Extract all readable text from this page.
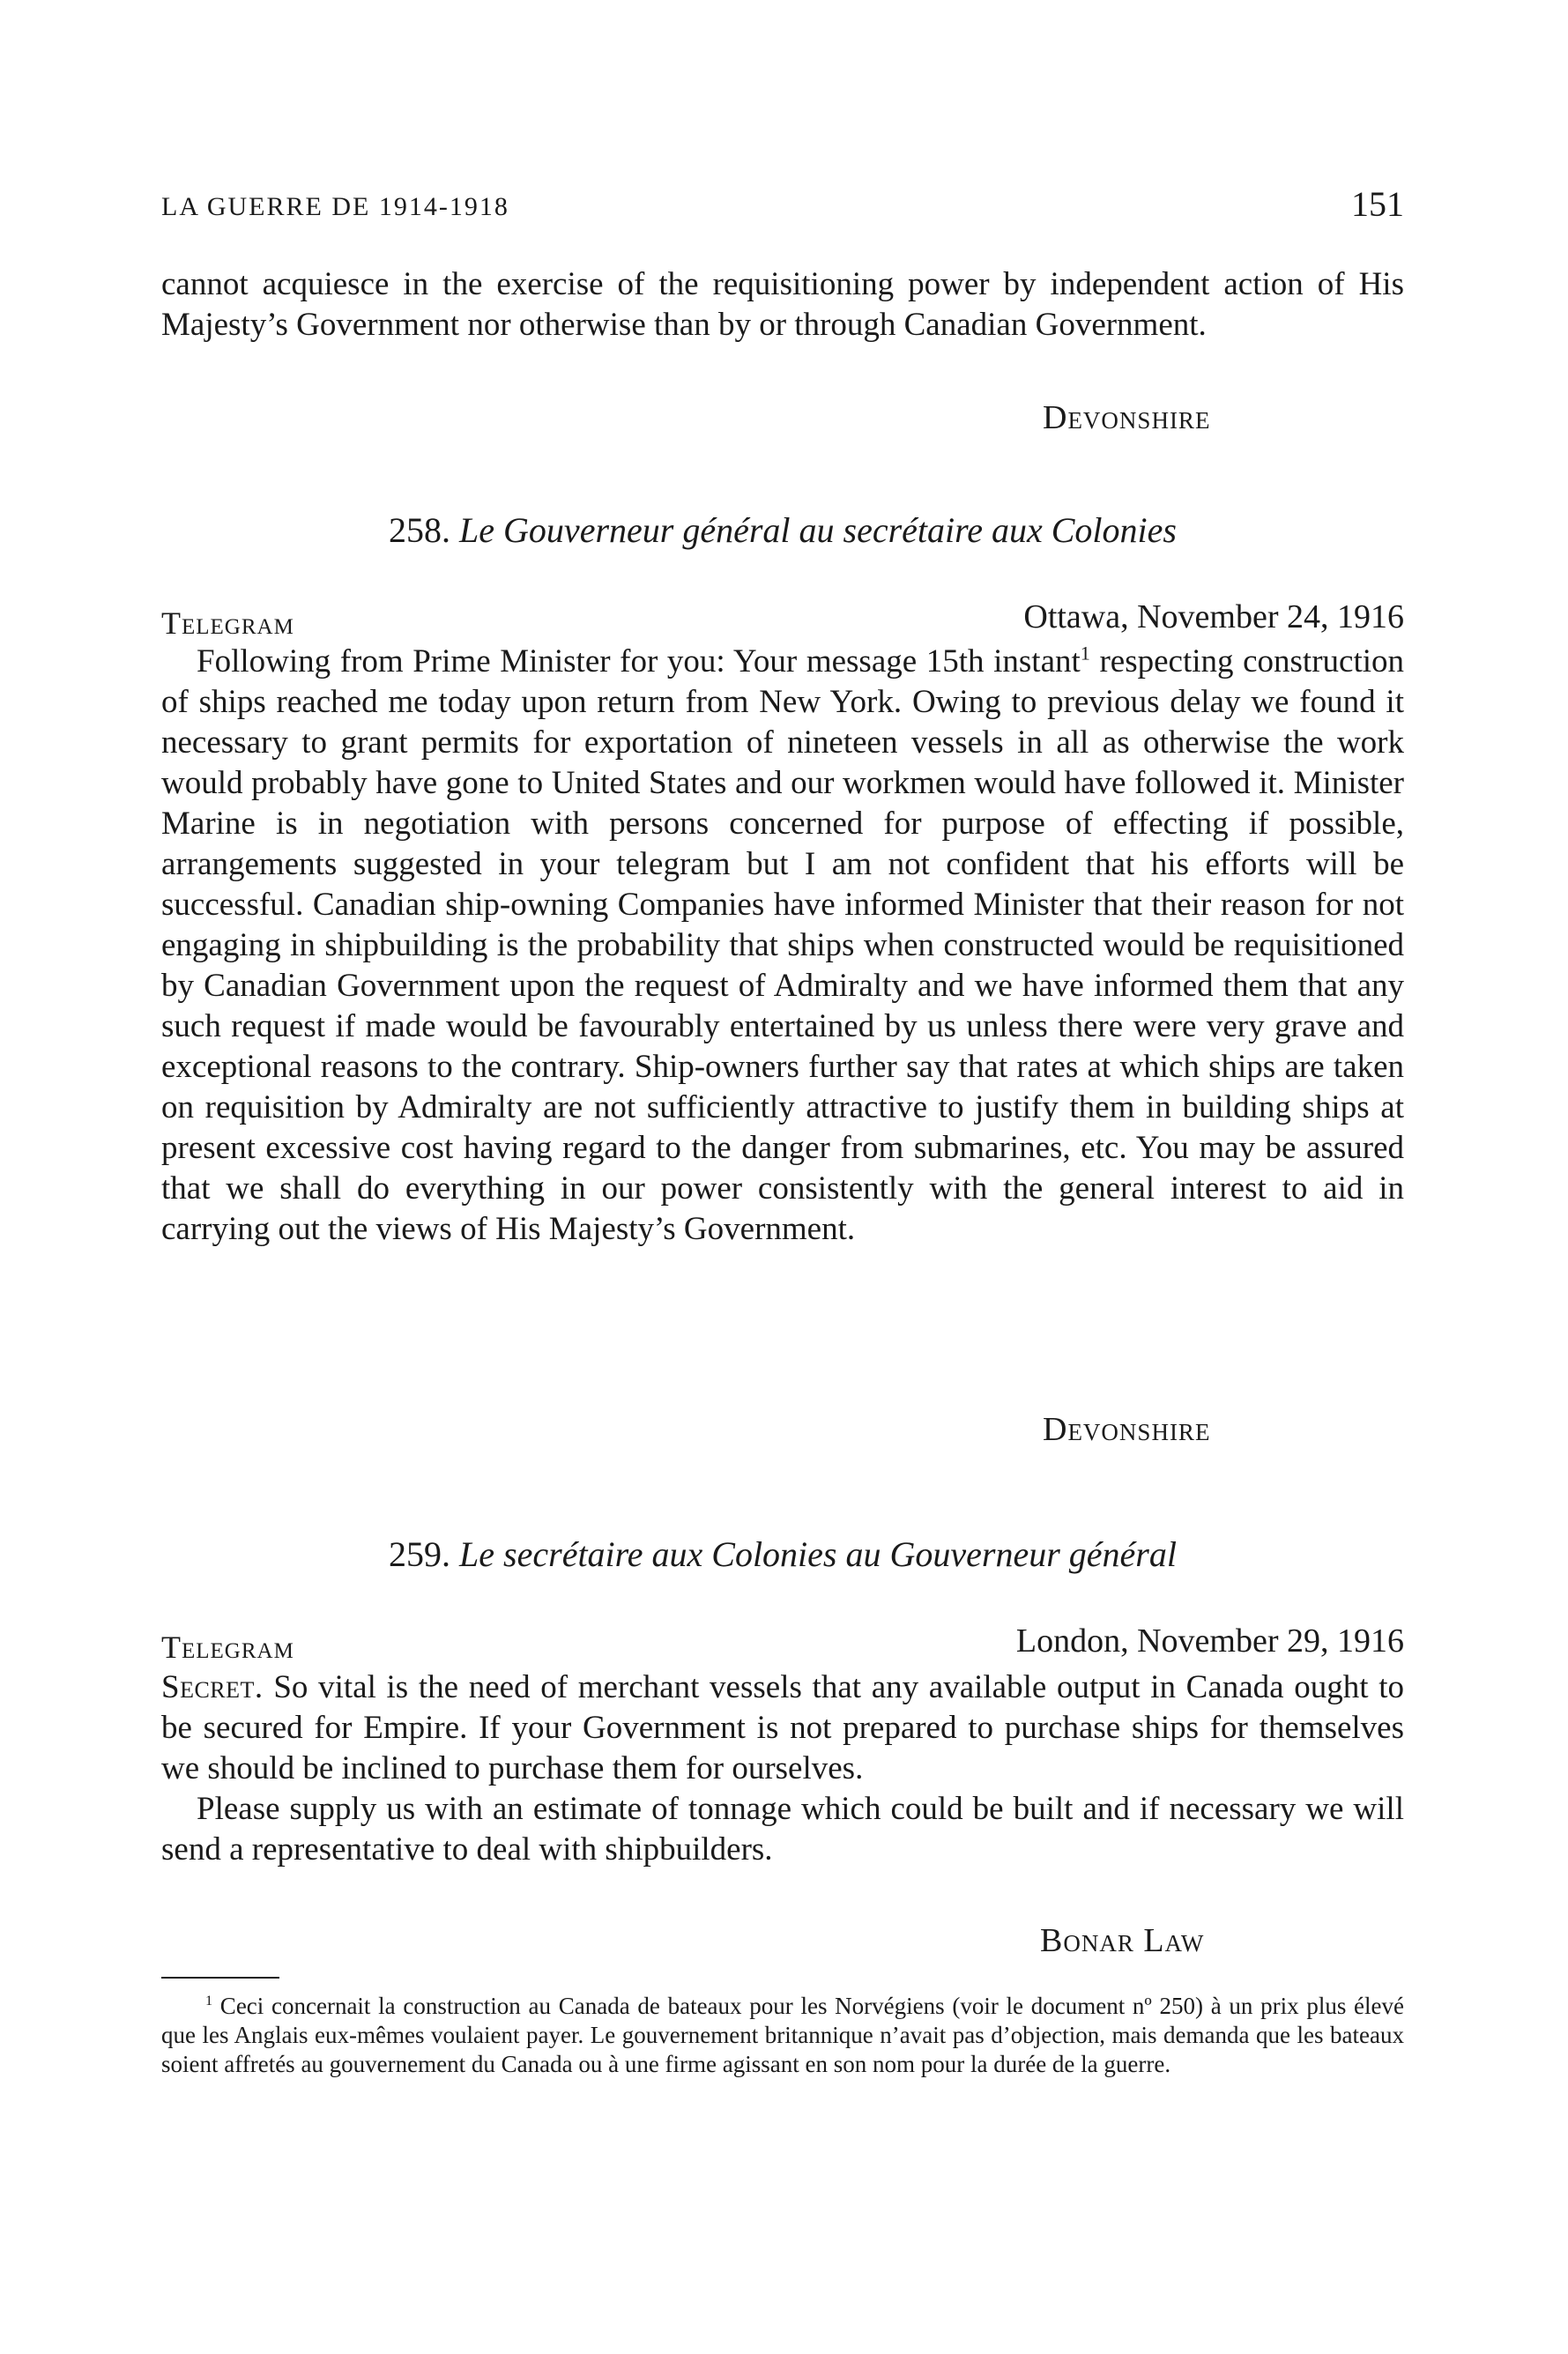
LA GUERRE DE 1914-1918	151

cannot acquiesce in the exercise of the requisitioning power by independent action of His Majesty’s Government nor otherwise than by or through Canadian Government.

Devonshire
258. Le Gouverneur général au secrétaire aux Colonies
Telegram	Ottawa, November 24, 1916

Following from Prime Minister for you: Your message 15th instant$^1$ respecting construction of ships reached me today upon return from New York. Owing to previous delay we found it necessary to grant permits for exportation of nineteen vessels in all as otherwise the work would probably have gone to United States and our workmen would have followed it. Minister Marine is in negotiation with persons concerned for purpose of effecting if possible, arrangements suggested in your telegram but I am not confident that his efforts will be successful. Canadian ship-owning Companies have informed Minister that their reason for not engaging in shipbuilding is the probability that ships when constructed would be requisitioned by Canadian Government upon the request of Admiralty and we have informed them that any such request if made would be favourably entertained by us unless there were very grave and exceptional reasons to the contrary. Ship-owners further say that rates at which ships are taken on requisition by Admiralty are not sufficiently attractive to justify them in building ships at present excessive cost having regard to the danger from submarines, etc. You may be assured that we shall do everything in our power consistently with the general interest to aid in carrying out the views of His Majesty’s Government.

Devonshire
259. Le secrétaire aux Colonies au Gouverneur général
Telegram	London, November 29, 1916

Secret. So vital is the need of merchant vessels that any available output in Canada ought to be secured for Empire. If your Government is not prepared to purchase ships for themselves we should be inclined to purchase them for ourselves.

Please supply us with an estimate of tonnage which could be built and if necessary we will send a representative to deal with shipbuilders.

Bonar Law

$^1$ Ceci concernait la construction au Canada de bateaux pour les Norvégiens (voir le document nº 250) à un prix plus élevé que les Anglais eux-mêmes voulaient payer. Le gouvernement britannique n’avait pas d’objection, mais demanda que les bateaux soient affretés au gouvernement du Canada ou à une firme agissant en son nom pour la durée de la guerre.
